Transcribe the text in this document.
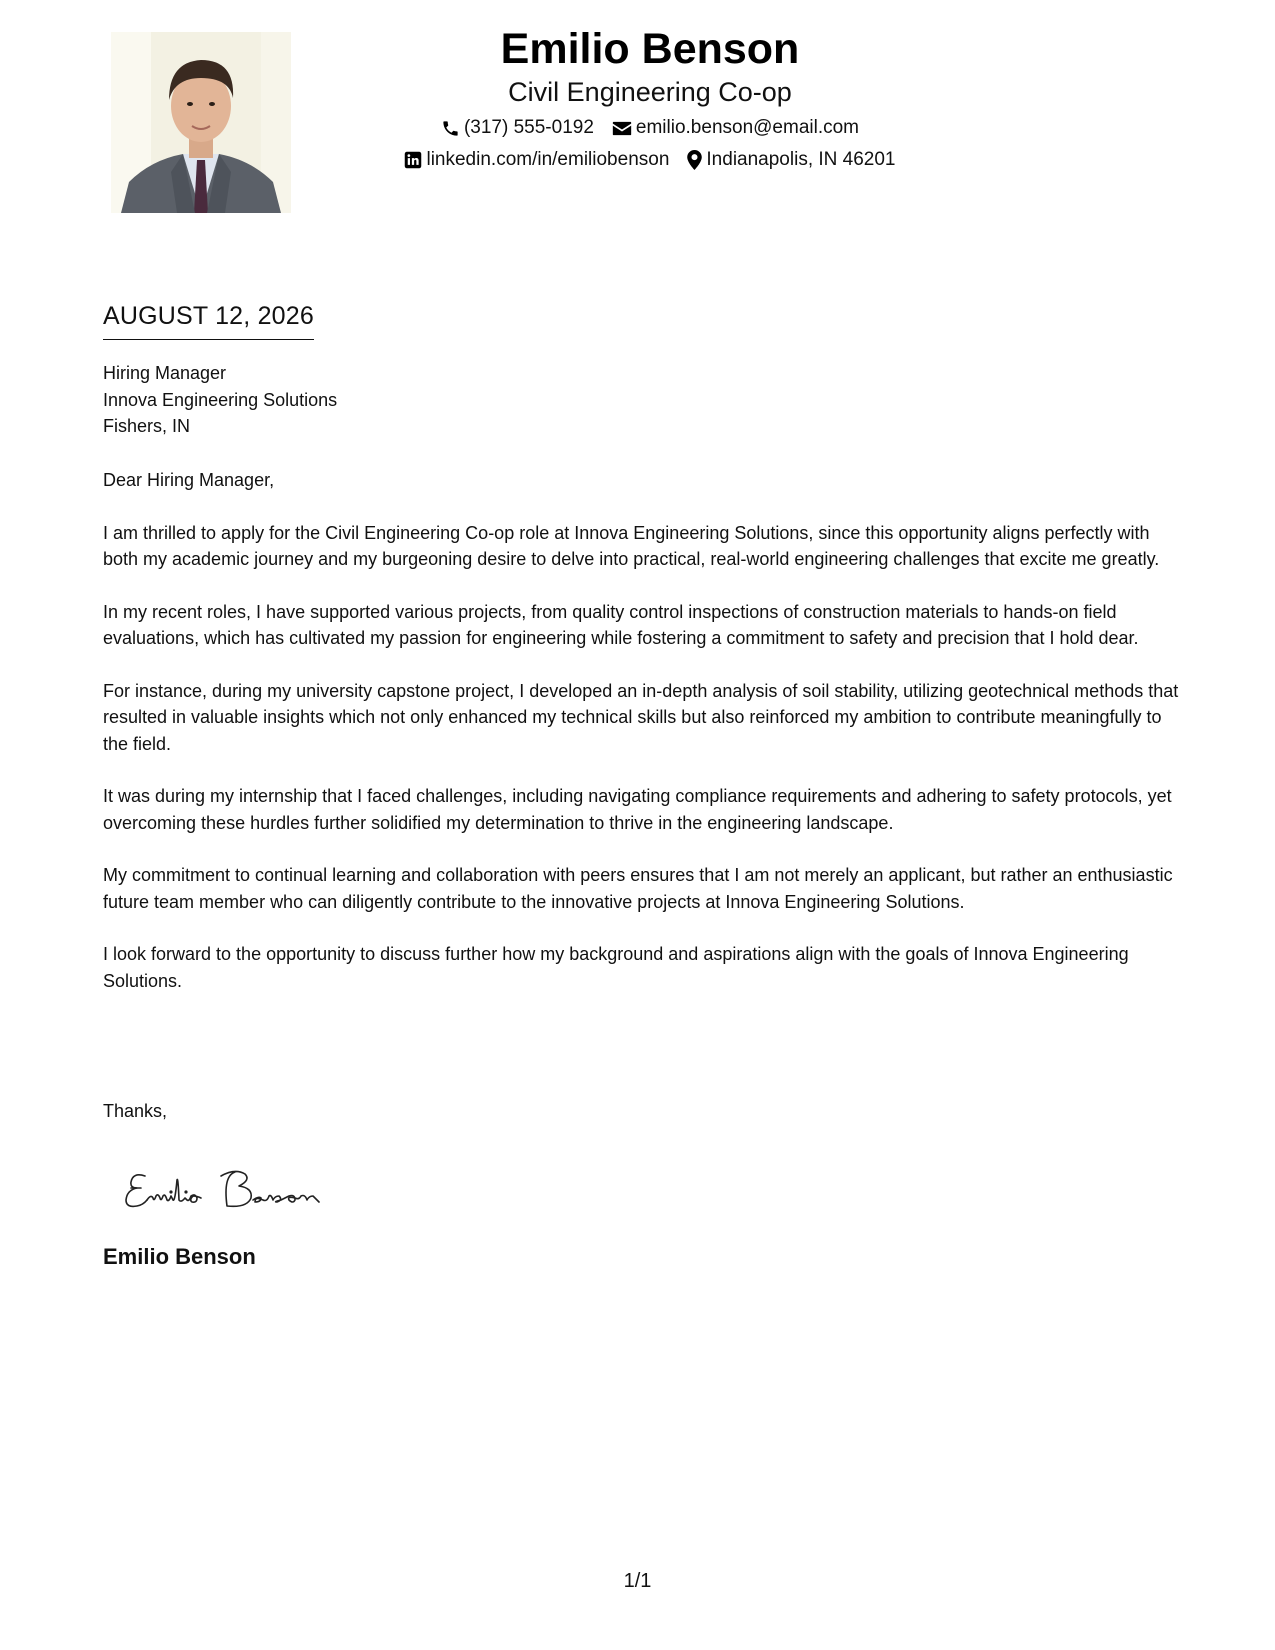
Emilio Benson
Civil Engineering Co-op
(317) 555-0192 emilio.benson@email.com
linkedin.com/in/emiliobenson Indianapolis, IN 46201
AUGUST 12, 2026
Hiring Manager
Innova Engineering Solutions
Fishers, IN

Dear Hiring Manager,

I am thrilled to apply for the Civil Engineering Co-op role at Innova Engineering Solutions, since this opportunity aligns perfectly with both my academic journey and my burgeoning desire to delve into practical, real-world engineering challenges that excite me greatly.

In my recent roles, I have supported various projects, from quality control inspections of construction materials to hands-on field evaluations, which has cultivated my passion for engineering while fostering a commitment to safety and precision that I hold dear.

For instance, during my university capstone project, I developed an in-depth analysis of soil stability, utilizing geotechnical methods that resulted in valuable insights which not only enhanced my technical skills but also reinforced my ambition to contribute meaningfully to the field.

It was during my internship that I faced challenges, including navigating compliance requirements and adhering to safety protocols, yet overcoming these hurdles further solidified my determination to thrive in the engineering landscape.

My commitment to continual learning and collaboration with peers ensures that I am not merely an applicant, but rather an enthusiastic future team member who can diligently contribute to the innovative projects at Innova Engineering Solutions.

I look forward to the opportunity to discuss further how my background and aspirations align with the goals of Innova Engineering Solutions.

Thanks,
Emilio Benson
1/1
